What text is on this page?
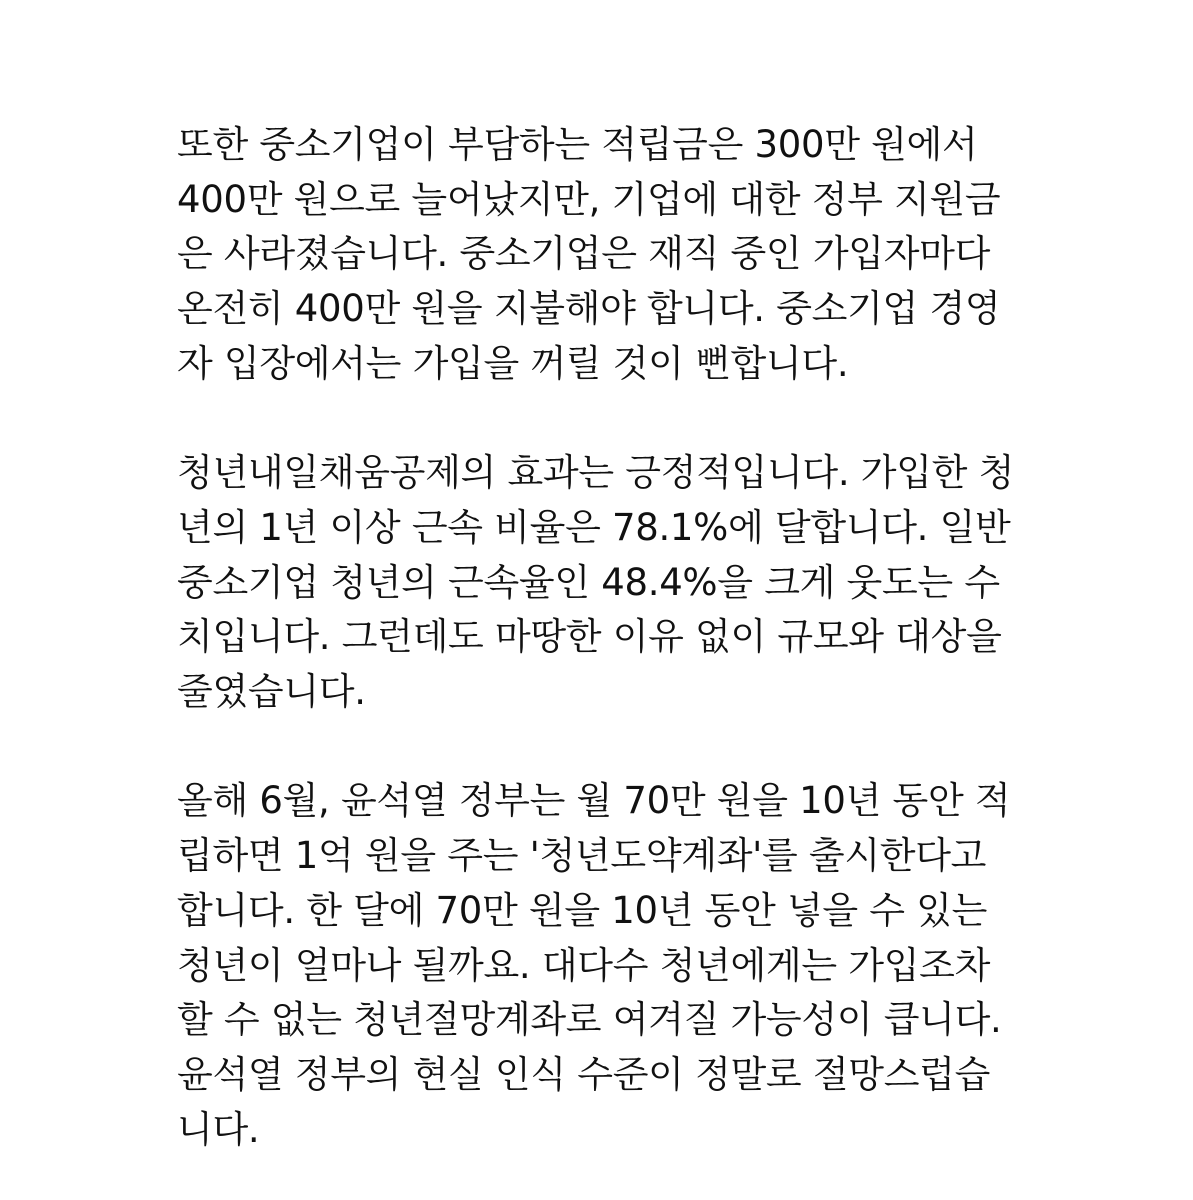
또한 중소기업이 부담하는 적립금은 300만 원에서
400만 원으로 늘어났지만, 기업에 대한 정부 지원금
은 사라졌습니다. 중소기업은 재직 중인 가입자마다
온전히 400만 원을 지불해야 합니다. 중소기업 경영
자 입장에서는 가입을 꺼릴 것이 뻔합니다.

청년내일채움공제의 효과는 긍정적입니다. 가입한 청
년의 1년 이상 근속 비율은 78.1%에 달합니다. 일반
중소기업 청년의 근속율인 48.4%을 크게 웃도는 수
치입니다. 그런데도 마땅한 이유 없이 규모와 대상을
줄였습니다.

올해 6월, 윤석열 정부는 월 70만 원을 10년 동안 적
립하면 1억 원을 주는 '청년도약계좌'를 출시한다고
합니다. 한 달에 70만 원을 10년 동안 넣을 수 있는
청년이 얼마나 될까요. 대다수 청년에게는 가입조차
할 수 없는 청년절망계좌로 여겨질 가능성이 큽니다.
윤석열 정부의 현실 인식 수준이 정말로 절망스럽습
니다.
